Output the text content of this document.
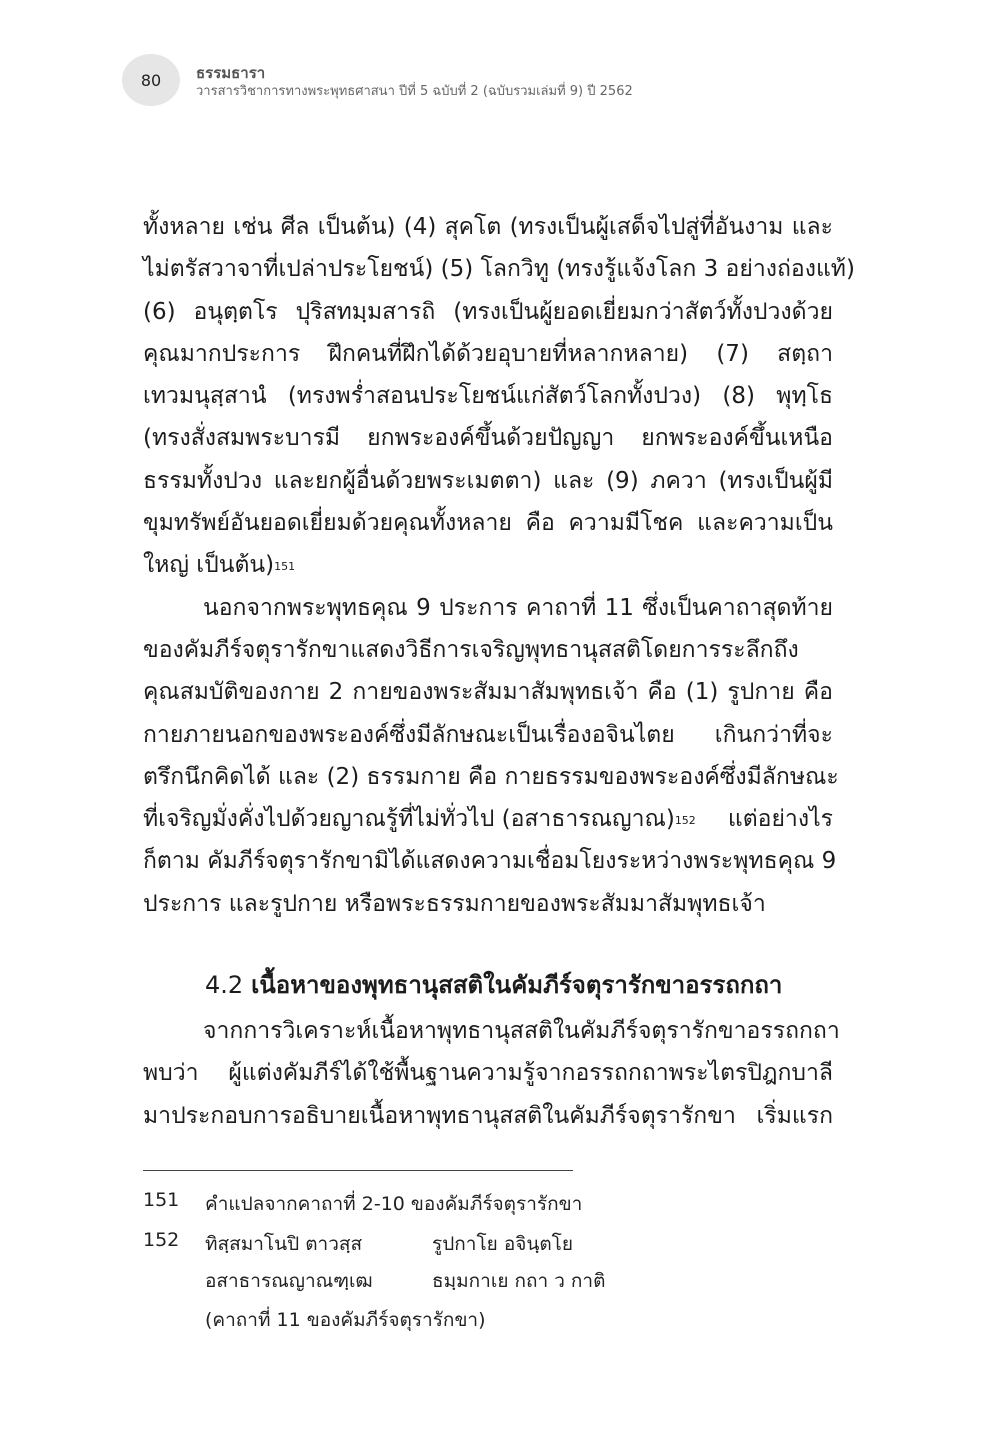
80 ธรรมธารา
วารสารวิชาการทางพระพุทธศาสนา ปีที่ 5 ฉบับที่ 2 (ฉบับรวมเล่มที่ 9) ปี 2562
ทั้งหลาย เช่น ศีล เป็นต้น) (4) สุคโต (ทรงเป็นผู้เสด็จไปสู่ที่อันงาม และ
ไม่ตรัสวาจาที่เปล่าประโยชน์) (5) โลกวิทู (ทรงรู้แจ้งโลก 3 อย่างถ่องแท้)
(6) อนุตฺตโร ปุริสทมฺมสารถิ (ทรงเป็นผู้ยอดเยี่ยมกว่าสัตว์ทั้งปวงด้วย
คุณมากประการ ฝึกคนที่ฝึกได้ด้วยอุบายที่หลากหลาย) (7) สตฺถา
เทวมนุสฺสานํ (ทรงพร่ำสอนประโยชน์แก่สัตว์โลกทั้งปวง) (8) พุทฺโธ
(ทรงสั่งสมพระบารมี ยกพระองค์ขึ้นด้วยปัญญา ยกพระองค์ขึ้นเหนือ
ธรรมทั้งปวง และยกผู้อื่นด้วยพระเมตตา) และ (9) ภควา (ทรงเป็นผู้มี
ขุมทรัพย์อันยอดเยี่ยมด้วยคุณทั้งหลาย คือ ความมีโชค และความเป็น
ใหญ่ เป็นต้น)$^{151}$
นอกจากพระพุทธคุณ 9 ประการ คาถาที่ 11 ซึ่งเป็นคาถาสุดท้าย
ของคัมภีร์จตุรารักขาแสดงวิธีการเจริญพุทธานุสสติโดยการระลึกถึง
คุณสมบัติของกาย 2 กายของพระสัมมาสัมพุทธเจ้า คือ (1) รูปกาย คือ
กายภายนอกของพระองค์ซึ่งมีลักษณะเป็นเรื่องอจินไตย เกินกว่าที่จะ
ตรึกนึกคิดได้ และ (2) ธรรมกาย คือ กายธรรมของพระองค์ซึ่งมีลักษณะ
ที่เจริญมั่งคั่งไปด้วยญาณรู้ที่ไม่ทั่วไป (อสาธารณญาณ)$^{152}$ แต่อย่างไร
ก็ตาม คัมภีร์จตุรารักขามิได้แสดงความเชื่อมโยงระหว่างพระพุทธคุณ 9
ประการ และรูปกาย หรือพระธรรมกายของพระสัมมาสัมพุทธเจ้า
4.2 เนื้อหาของพุทธานุสสติในคัมภีร์จตุรารักขาอรรถกถา
จากการวิเคราะห์เนื้อหาพุทธานุสสติในคัมภีร์จตุรารักขาอรรถกถา
พบว่า ผู้แต่งคัมภีร์ได้ใช้พื้นฐานความรู้จากอรรถกถาพระไตรปิฎกบาลี
มาประกอบการอธิบายเนื้อหาพุทธานุสสติในคัมภีร์จตุรารักขา เริ่มแรก
151 คำแปลจากคาถาที่ 2-10 ของคัมภีร์จตุรารักขา
152 ทิสฺสมาโนปิ ตาวสฺส	รูปกาโย อจินฺตโย
อสาธารณญาณฑฺเฒ	ธมฺมกาเย กถา ว กาติ
(คาถาที่ 11 ของคัมภีร์จตุรารักขา)
